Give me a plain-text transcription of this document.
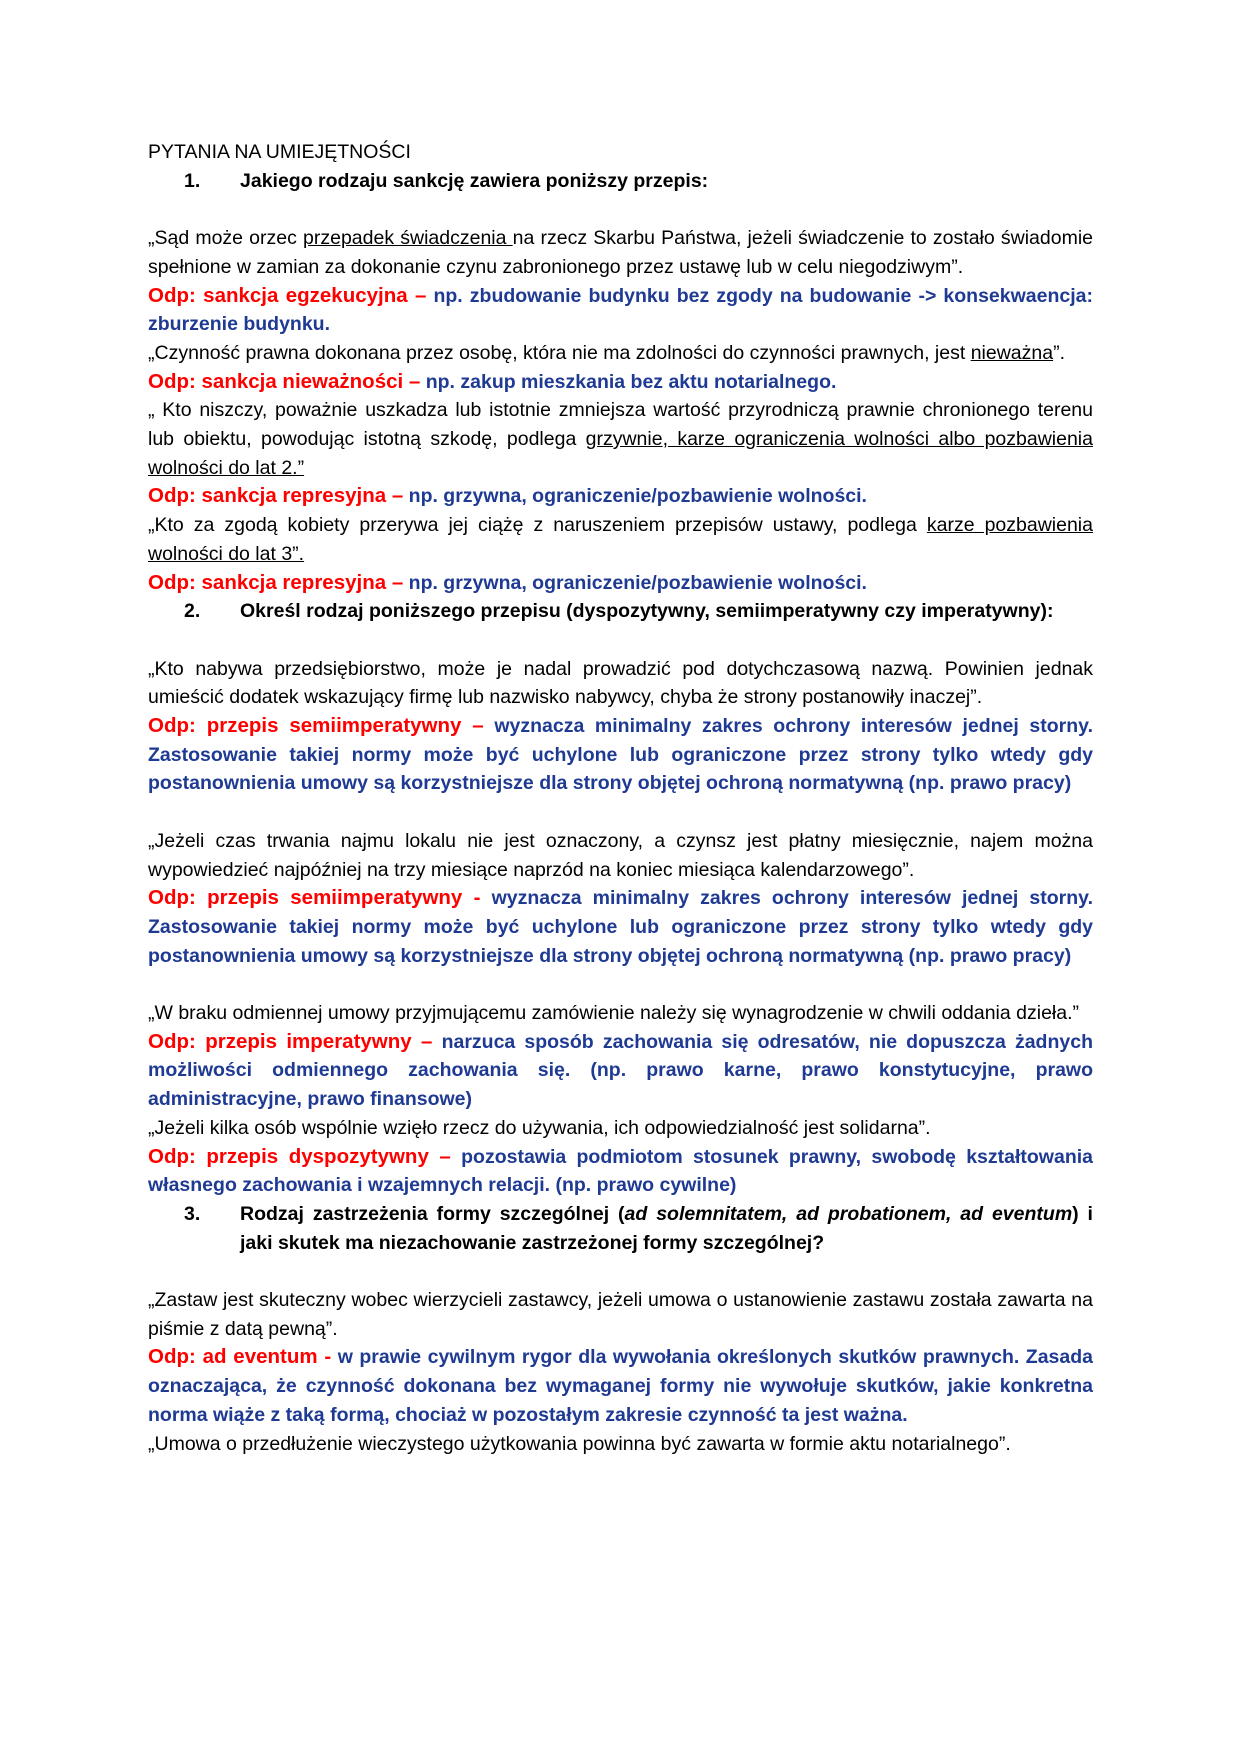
PYTANIA NA UMIEJĘTNOŚCI

1.	Jakiego rodzaju sankcję zawiera poniższy przepis:

„Sąd może orzec przepadek świadczenia na rzecz Skarbu Państwa, jeżeli świadczenie to zostało świadomie spełnione w zamian za dokonanie czynu zabronionego przez ustawę lub w celu niegodziwym”.

Odp: sankcja egzekucyjna – np. zbudowanie budynku bez zgody na budowanie -> konsekwaencja: zburzenie budynku.

„Czynność prawna dokonana przez osobę, która nie ma zdolności do czynności prawnych, jest nieważna”.

Odp: sankcja nieważności – np. zakup mieszkania bez aktu notarialnego.

„ Kto niszczy, poważnie uszkadza lub istotnie zmniejsza wartość przyrodniczą prawnie chronionego terenu lub obiektu, powodując istotną szkodę, podlega grzywnie, karze ograniczenia wolności albo pozbawienia wolności do lat 2.”

Odp: sankcja represyjna – np. grzywna, ograniczenie/pozbawienie wolności.

„Kto za zgodą kobiety przerywa jej ciążę z naruszeniem przepisów ustawy, podlega karze pozbawienia wolności do lat 3”.

Odp: sankcja represyjna – np. grzywna, ograniczenie/pozbawienie wolności.

2.	Określ rodzaj poniższego przepisu (dyspozytywny, semiimperatywny czy imperatywny):

„Kto nabywa przedsiębiorstwo, może je nadal prowadzić pod dotychczasową nazwą. Powinien jednak umieścić dodatek wskazujący firmę lub nazwisko nabywcy, chyba że strony postanowiły inaczej”.

Odp: przepis semiimperatywny – wyznacza minimalny zakres ochrony interesów jednej storny. Zastosowanie takiej normy może być uchylone lub ograniczone przez strony tylko wtedy gdy postanownienia umowy są korzystniejsze dla strony objętej ochroną normatywną (np. prawo pracy)

„Jeżeli czas trwania najmu lokalu nie jest oznaczony, a czynsz jest płatny miesięcznie, najem można wypowiedzieć najpóźniej na trzy miesiące naprzód na koniec miesiąca kalendarzowego”.

Odp: przepis semiimperatywny - wyznacza minimalny zakres ochrony interesów jednej storny. Zastosowanie takiej normy może być uchylone lub ograniczone przez strony tylko wtedy gdy postanownienia umowy są korzystniejsze dla strony objętej ochroną normatywną (np. prawo pracy)

„W braku odmiennej umowy przyjmującemu zamówienie należy się wynagrodzenie w chwili oddania dzieła.”

Odp: przepis imperatywny – narzuca sposób zachowania się odresatów, nie dopuszcza żadnych możliwości odmiennego zachowania się. (np. prawo karne, prawo konstytucyjne, prawo administracyjne, prawo finansowe)

„Jeżeli kilka osób wspólnie wzięło rzecz do używania, ich odpowiedzialność jest solidarna”.

Odp: przepis dyspozytywny – pozostawia podmiotom stosunek prawny, swobodę kształtowania własnego zachowania i wzajemnych relacji. (np. prawo cywilne)

3.	Rodzaj zastrzeżenia formy szczególnej (ad solemnitatem, ad probationem, ad eventum) i jaki skutek ma niezachowanie zastrzeżonej formy szczególnej?

„Zastaw jest skuteczny wobec wierzycieli zastawcy, jeżeli umowa o ustanowienie zastawu została zawarta na piśmie z datą pewną”.

Odp: ad eventum - w prawie cywilnym rygor dla wywołania określonych skutków prawnych. Zasada oznaczająca, że czynność dokonana bez wymaganej formy nie wywołuje skutków, jakie konkretna norma wiąże z taką formą, chociaż w pozostałym zakresie czynność ta jest ważna.

„Umowa o przedłużenie wieczystego użytkowania powinna być zawarta w formie aktu notarialnego”.
